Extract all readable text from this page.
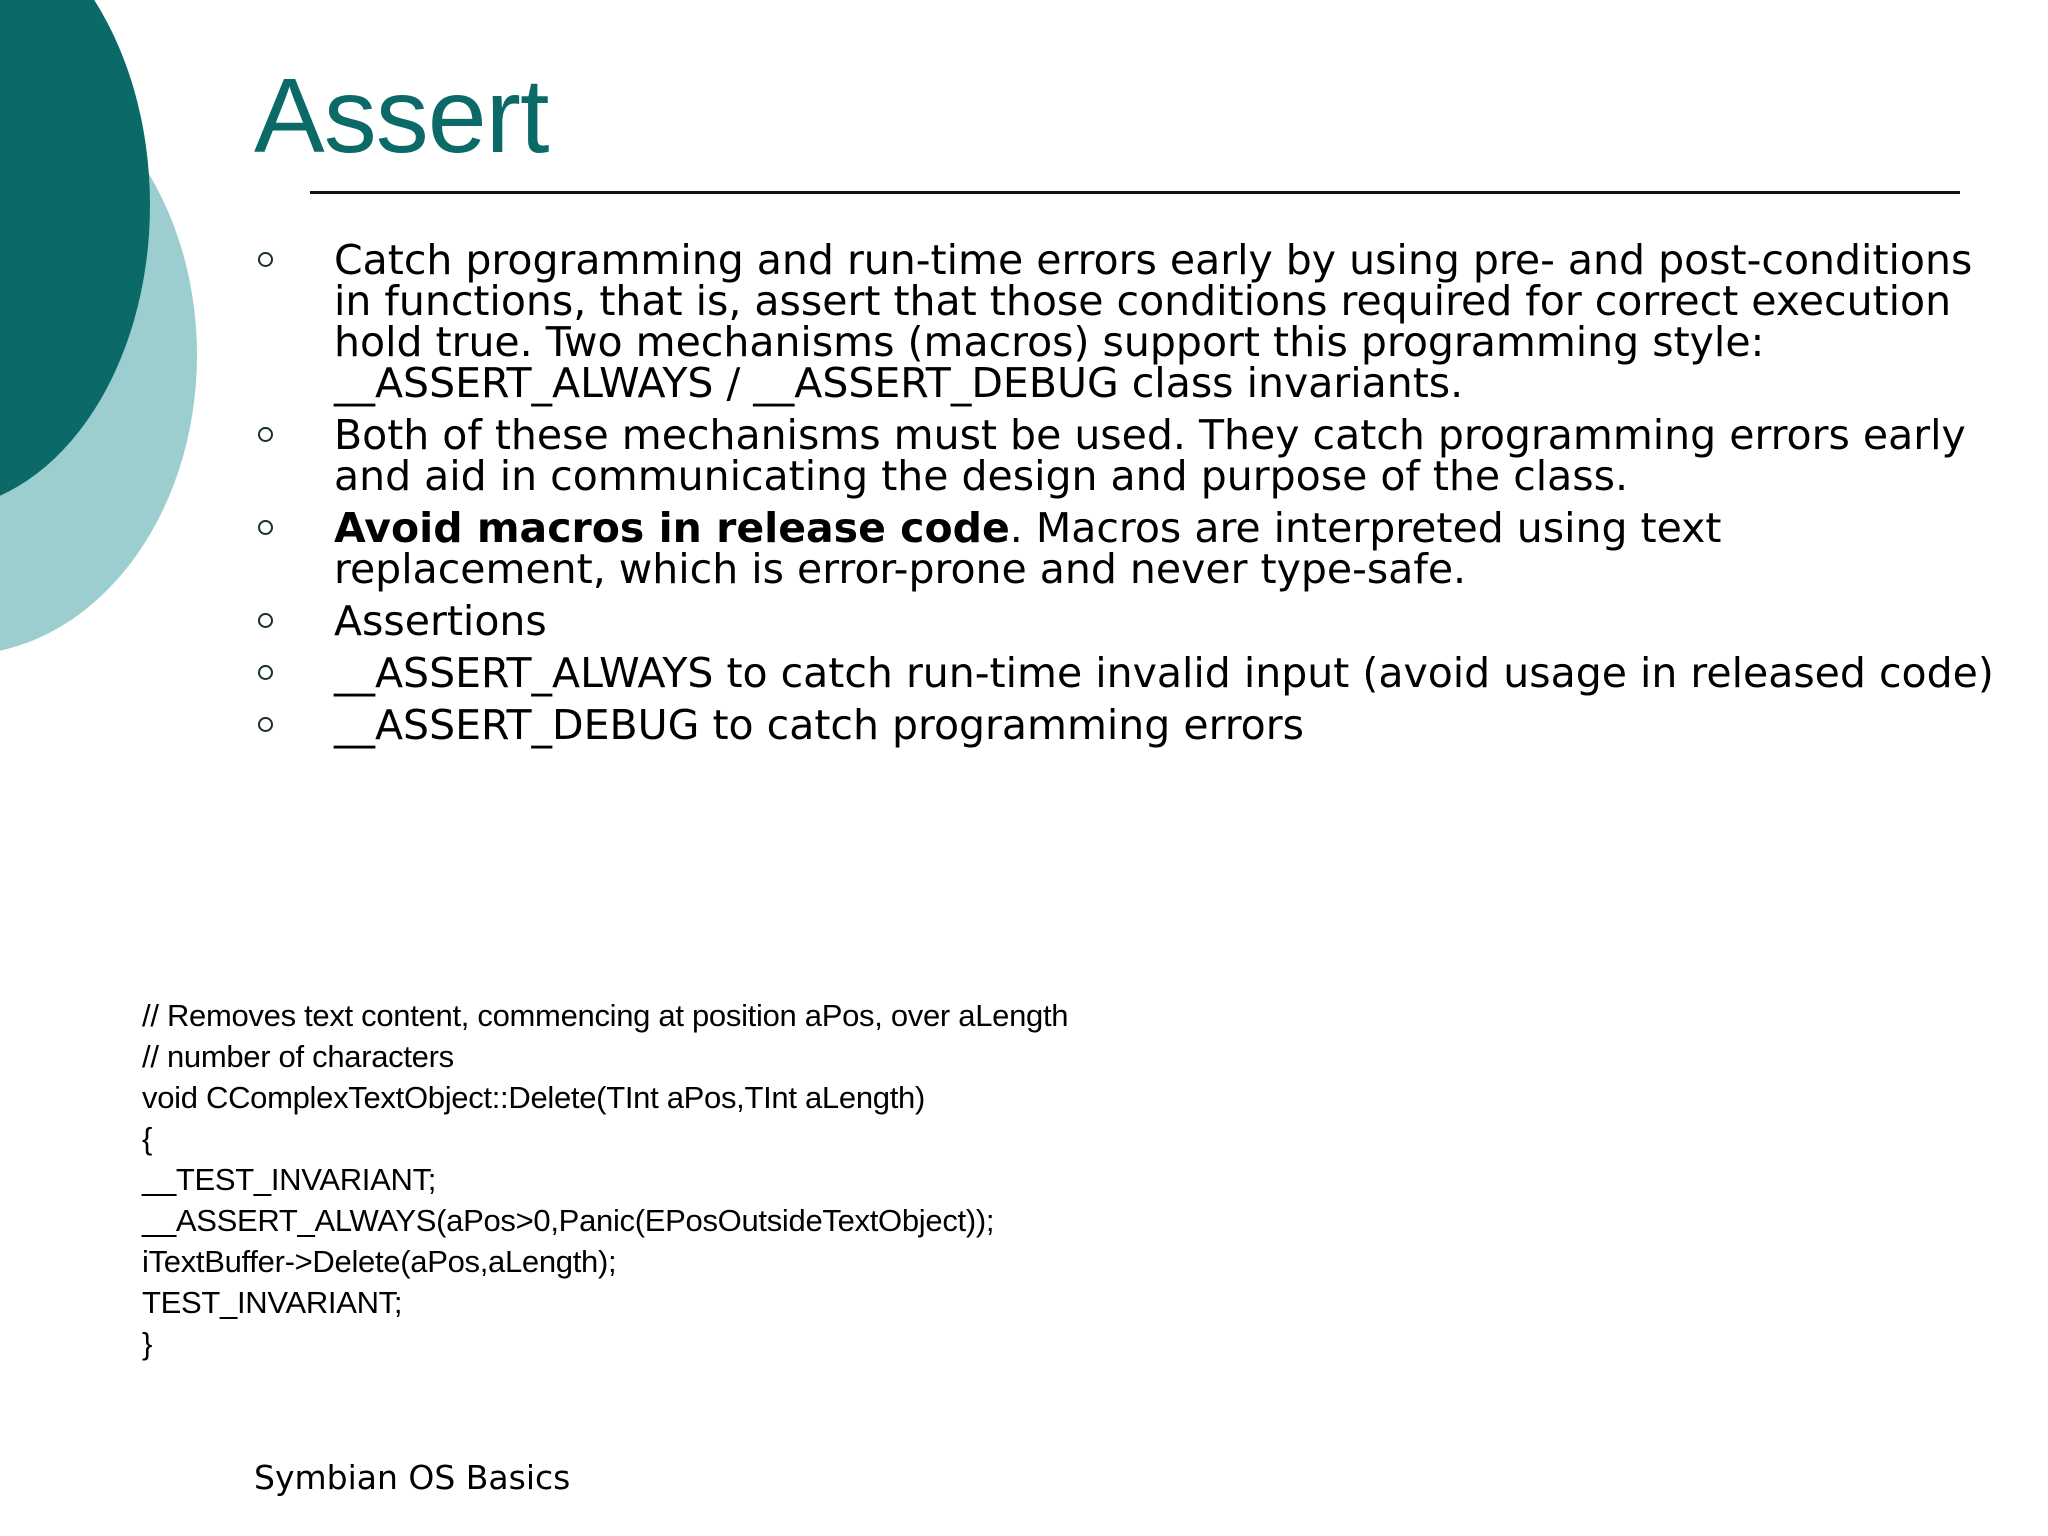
Assert
Catch programming and run-time errors early by using pre- and post-conditions in functions, that is, assert that those conditions required for correct execution hold true. Two mechanisms (macros) support this programming style: __ASSERT_ALWAYS / __ASSERT_DEBUG class invariants.
Both of these mechanisms must be used. They catch programming errors early and aid in communicating the design and purpose of the class.
Avoid macros in release code. Macros are interpreted using text replacement, which is error-prone and never type-safe.
Assertions
__ASSERT_ALWAYS to catch run-time invalid input (avoid usage in released code)
__ASSERT_DEBUG to catch programming errors
// Removes text content, commencing at position aPos, over aLength
// number of characters
void CComplexTextObject::Delete(TInt aPos,TInt aLength)
{
__TEST_INVARIANT;
__ASSERT_ALWAYS(aPos>0,Panic(EPosOutsideTextObject));
iTextBuffer->Delete(aPos,aLength);
TEST_INVARIANT;
}
Symbian OS Basics
